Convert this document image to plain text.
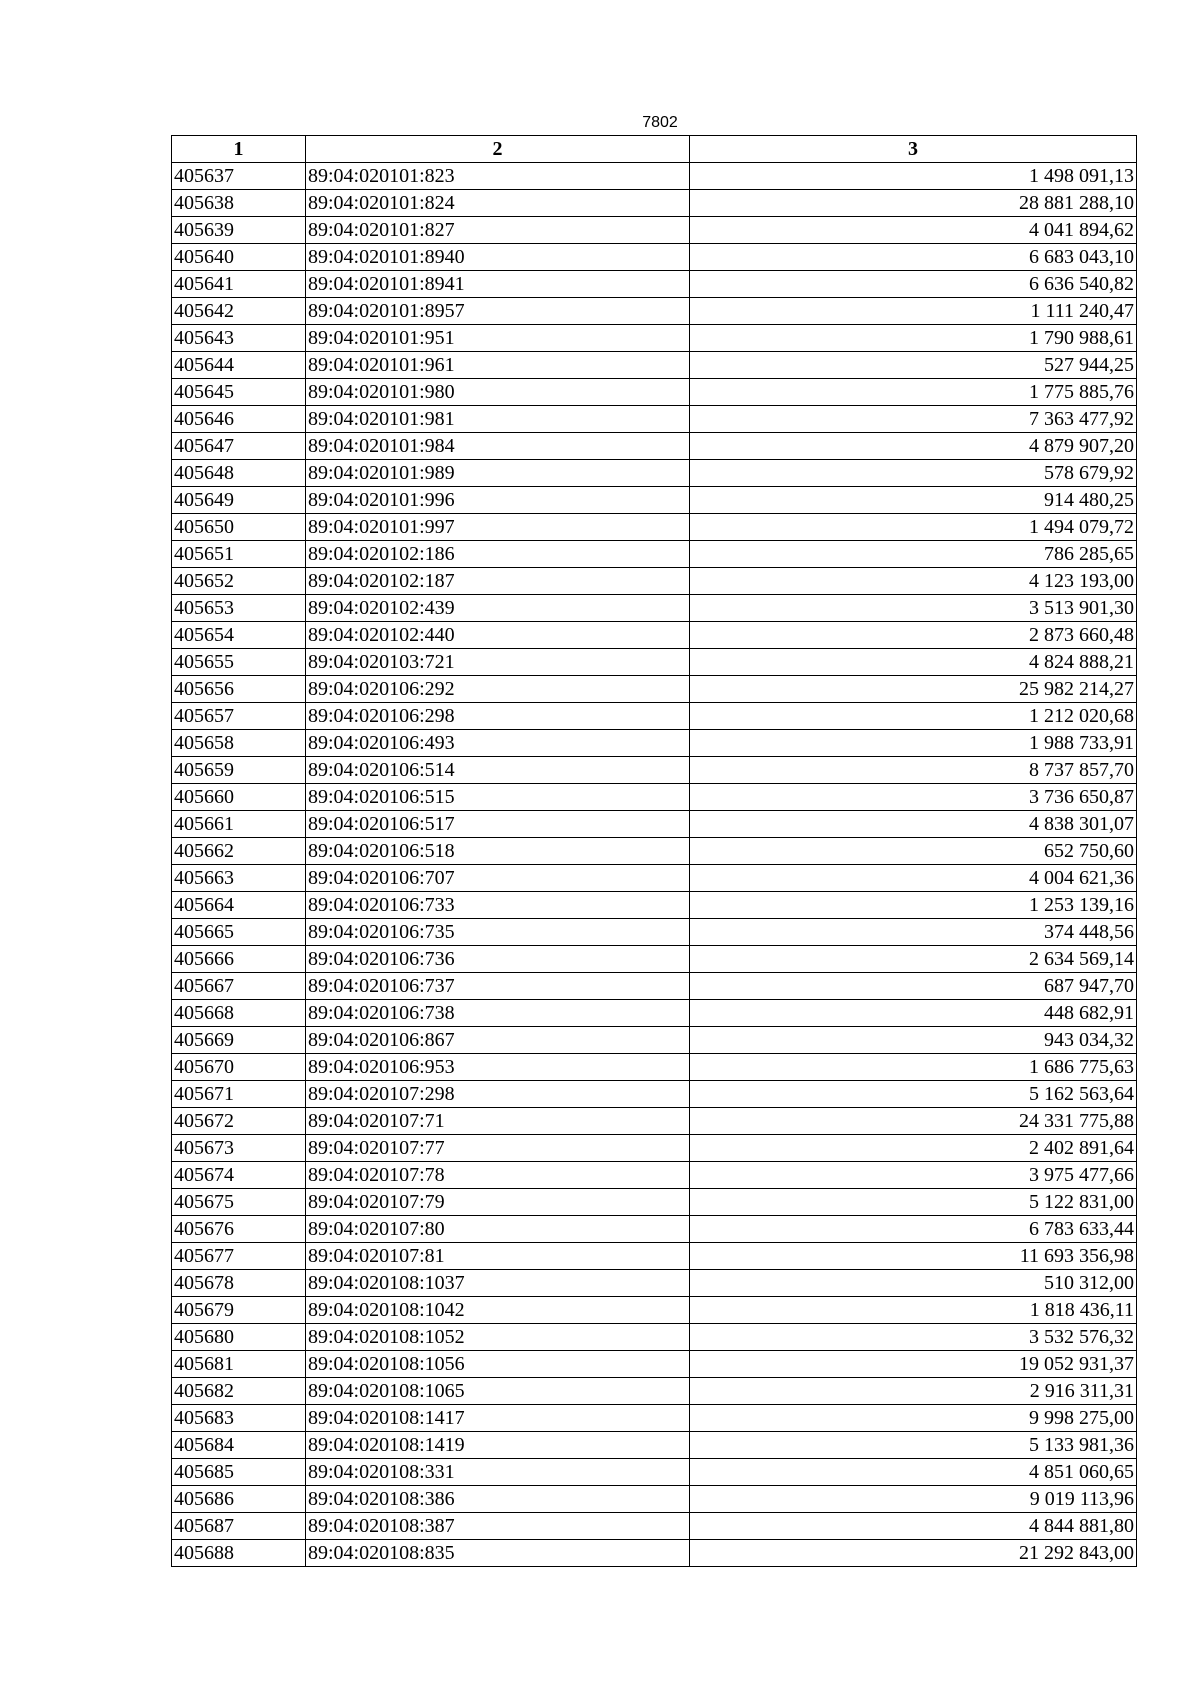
7802
1	2	3
405637	89:04:020101:823	1 498 091,13
405638	89:04:020101:824	28 881 288,10
405639	89:04:020101:827	4 041 894,62
405640	89:04:020101:8940	6 683 043,10
405641	89:04:020101:8941	6 636 540,82
405642	89:04:020101:8957	1 111 240,47
405643	89:04:020101:951	1 790 988,61
405644	89:04:020101:961	527 944,25
405645	89:04:020101:980	1 775 885,76
405646	89:04:020101:981	7 363 477,92
405647	89:04:020101:984	4 879 907,20
405648	89:04:020101:989	578 679,92
405649	89:04:020101:996	914 480,25
405650	89:04:020101:997	1 494 079,72
405651	89:04:020102:186	786 285,65
405652	89:04:020102:187	4 123 193,00
405653	89:04:020102:439	3 513 901,30
405654	89:04:020102:440	2 873 660,48
405655	89:04:020103:721	4 824 888,21
405656	89:04:020106:292	25 982 214,27
405657	89:04:020106:298	1 212 020,68
405658	89:04:020106:493	1 988 733,91
405659	89:04:020106:514	8 737 857,70
405660	89:04:020106:515	3 736 650,87
405661	89:04:020106:517	4 838 301,07
405662	89:04:020106:518	652 750,60
405663	89:04:020106:707	4 004 621,36
405664	89:04:020106:733	1 253 139,16
405665	89:04:020106:735	374 448,56
405666	89:04:020106:736	2 634 569,14
405667	89:04:020106:737	687 947,70
405668	89:04:020106:738	448 682,91
405669	89:04:020106:867	943 034,32
405670	89:04:020106:953	1 686 775,63
405671	89:04:020107:298	5 162 563,64
405672	89:04:020107:71	24 331 775,88
405673	89:04:020107:77	2 402 891,64
405674	89:04:020107:78	3 975 477,66
405675	89:04:020107:79	5 122 831,00
405676	89:04:020107:80	6 783 633,44
405677	89:04:020107:81	11 693 356,98
405678	89:04:020108:1037	510 312,00
405679	89:04:020108:1042	1 818 436,11
405680	89:04:020108:1052	3 532 576,32
405681	89:04:020108:1056	19 052 931,37
405682	89:04:020108:1065	2 916 311,31
405683	89:04:020108:1417	9 998 275,00
405684	89:04:020108:1419	5 133 981,36
405685	89:04:020108:331	4 851 060,65
405686	89:04:020108:386	9 019 113,96
405687	89:04:020108:387	4 844 881,80
405688	89:04:020108:835	21 292 843,00
